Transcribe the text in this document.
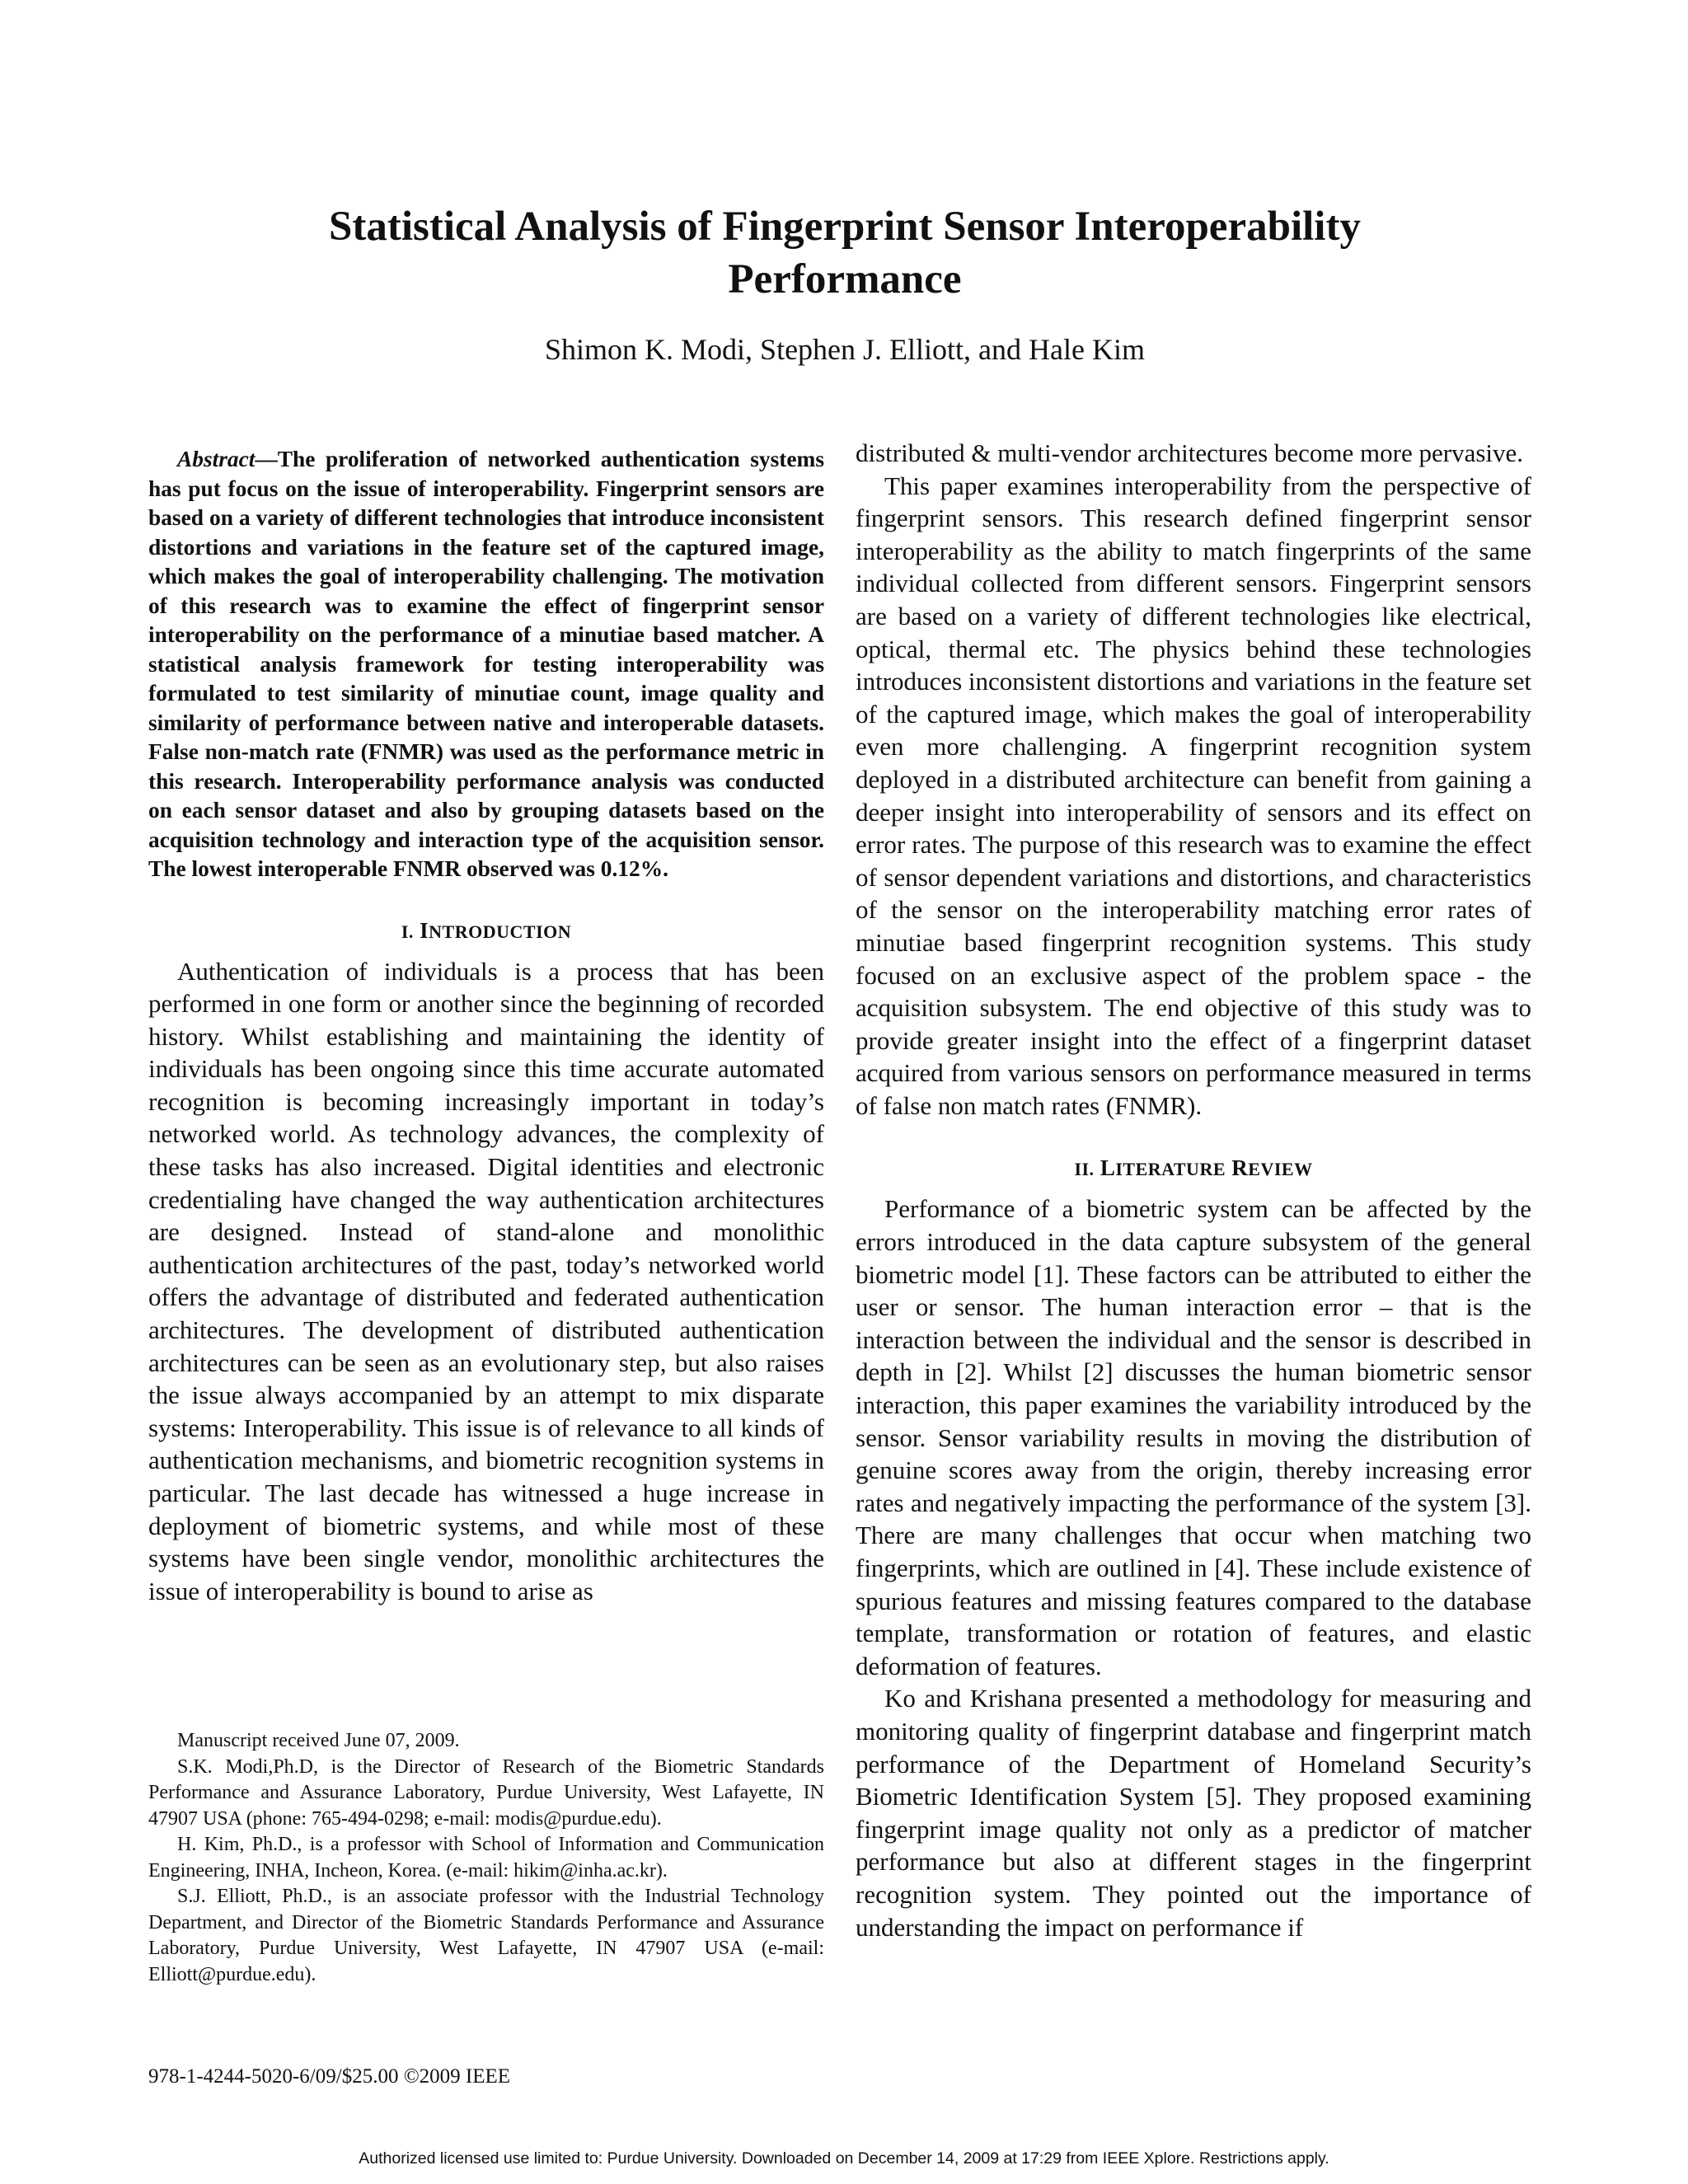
Statistical Analysis of Fingerprint Sensor Interoperability
Performance
Shimon K. Modi, Stephen J. Elliott, and Hale Kim

Abstract—The proliferation of networked authentication systems has put focus on the issue of interoperability. Fingerprint sensors are based on a variety of different technologies that introduce inconsistent distortions and variations in the feature set of the captured image, which makes the goal of interoperability challenging. The motivation of this research was to examine the effect of fingerprint sensor interoperability on the performance of a minutiae based matcher. A statistical analysis framework for testing interoperability was formulated to test similarity of minutiae count, image quality and similarity of performance between native and interoperable datasets. False non-match rate (FNMR) was used as the performance metric in this research. Interoperability performance analysis was conducted on each sensor dataset and also by grouping datasets based on the acquisition technology and interaction type of the acquisition sensor. The lowest interoperable FNMR observed was 0.12%.

I. INTRODUCTION

Authentication of individuals is a process that has been performed in one form or another since the beginning of recorded history. Whilst establishing and maintaining the identity of individuals has been ongoing since this time accurate automated recognition is becoming increasingly important in today’s networked world. As technology advances, the complexity of these tasks has also increased. Digital identities and electronic credentialing have changed the way authentication architectures are designed. Instead of stand-alone and monolithic authentication architectures of the past, today’s networked world offers the advantage of distributed and federated authentication architectures. The development of distributed authentication architectures can be seen as an evolutionary step, but also raises the issue always accompanied by an attempt to mix disparate systems: Interoperability. This issue is of relevance to all kinds of authentication mechanisms, and biometric recognition systems in particular. The last decade has witnessed a huge increase in deployment of biometric systems, and while most of these systems have been single vendor, monolithic architectures the issue of interoperability is bound to arise as

distributed & multi-vendor architectures become more pervasive.

This paper examines interoperability from the perspective of fingerprint sensors. This research defined fingerprint sensor interoperability as the ability to match fingerprints of the same individual collected from different sensors. Fingerprint sensors are based on a variety of different technologies like electrical, optical, thermal etc. The physics behind these technologies introduces inconsistent distortions and variations in the feature set of the captured image, which makes the goal of interoperability even more challenging. A fingerprint recognition system deployed in a distributed architecture can benefit from gaining a deeper insight into interoperability of sensors and its effect on error rates. The purpose of this research was to examine the effect of sensor dependent variations and distortions, and characteristics of the sensor on the interoperability matching error rates of minutiae based fingerprint recognition systems. This study focused on an exclusive aspect of the problem space - the acquisition subsystem. The end objective of this study was to provide greater insight into the effect of a fingerprint dataset acquired from various sensors on performance measured in terms of false non match rates (FNMR).

II. LITERATURE REVIEW

Performance of a biometric system can be affected by the errors introduced in the data capture subsystem of the general biometric model [1]. These factors can be attributed to either the user or sensor. The human interaction error – that is the interaction between the individual and the sensor is described in depth in [2]. Whilst [2] discusses the human biometric sensor interaction, this paper examines the variability introduced by the sensor. Sensor variability results in moving the distribution of genuine scores away from the origin, thereby increasing error rates and negatively impacting the performance of the system [3]. There are many challenges that occur when matching two fingerprints, which are outlined in [4]. These include existence of spurious features and missing features compared to the database template, transformation or rotation of features, and elastic deformation of features.

Ko and Krishana presented a methodology for measuring and monitoring quality of fingerprint database and fingerprint match performance of the Department of Homeland Security’s Biometric Identification System [5]. They proposed examining fingerprint image quality not only as a predictor of matcher performance but also at different stages in the fingerprint recognition system. They pointed out the importance of understanding the impact on performance if

Manuscript received June 07, 2009.

S.K. Modi,Ph.D, is the Director of Research of the Biometric Standards Performance and Assurance Laboratory, Purdue University, West Lafayette, IN 47907 USA (phone: 765-494-0298; e-mail: modis@purdue.edu).

H. Kim, Ph.D., is a professor with School of Information and Communication Engineering, INHA, Incheon, Korea. (e-mail: hikim@inha.ac.kr).

S.J. Elliott, Ph.D., is an associate professor with the Industrial Technology Department, and Director of the Biometric Standards Performance and Assurance Laboratory, Purdue University, West Lafayette, IN 47907 USA (e-mail: Elliott@purdue.edu).

978-1-4244-5020-6/09/$25.00 ©2009 IEEE
Authorized licensed use limited to: Purdue University. Downloaded on December 14, 2009 at 17:29 from IEEE Xplore. Restrictions apply.
